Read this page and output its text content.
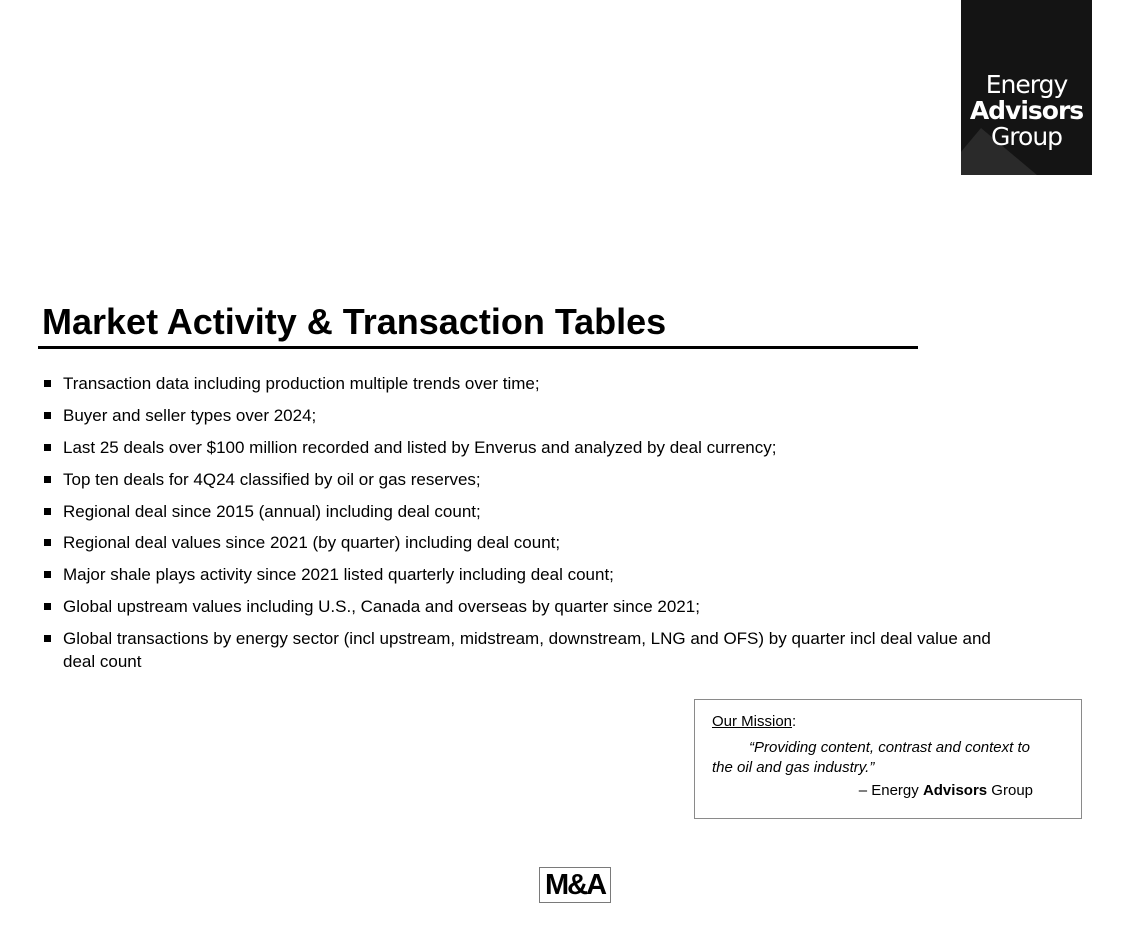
Energy
Advisors
Group
Market Activity & Transaction Tables
Transaction data including production multiple trends over time;
Buyer and seller types over 2024;
Last 25 deals over $100 million recorded and listed by Enverus and analyzed by deal currency;
Top ten deals for 4Q24 classified by oil or gas reserves;
Regional deal since 2015 (annual) including deal count;
Regional deal values since 2021 (by quarter) including deal count;
Major shale plays activity since 2021 listed quarterly including deal count;
Global upstream values including U.S., Canada and overseas by quarter since 2021;
Global transactions by energy sector (incl upstream, midstream, downstream, LNG and OFS) by quarter incl deal value and deal count
Our Mission:
“Providing content, contrast and context to the oil and gas industry.”
– Energy Advisors Group
M&A
